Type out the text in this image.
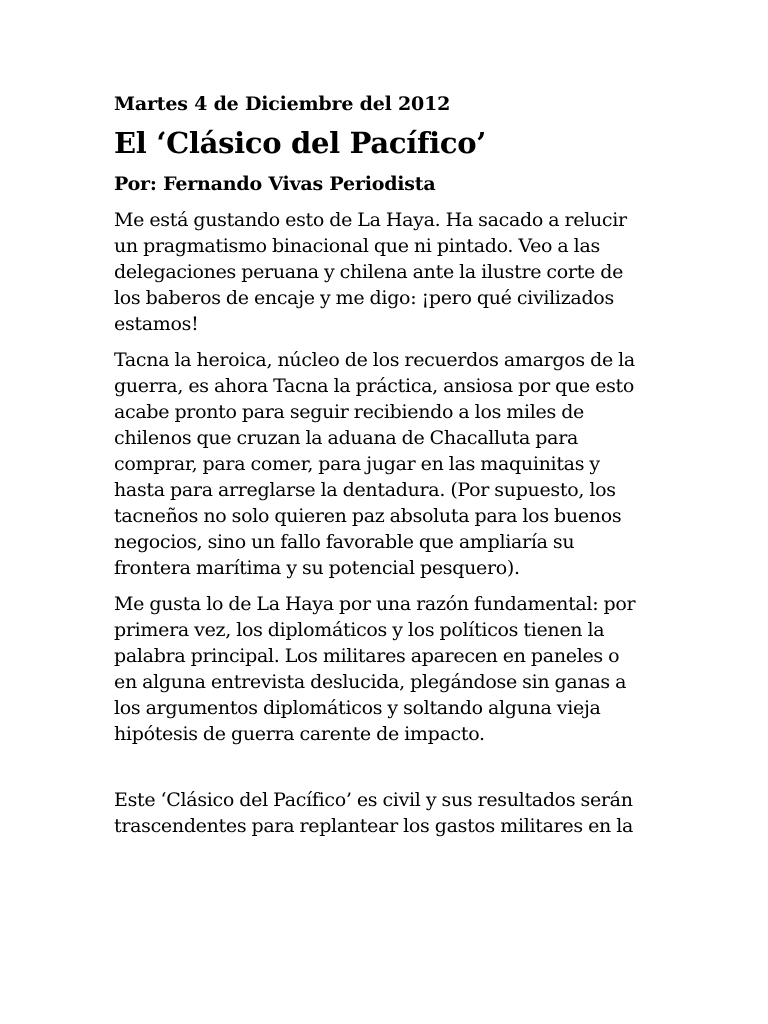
Martes 4 de Diciembre del 2012
El ‘Clásico del Pacífico’
Por: Fernando Vivas Periodista

Me está gustando esto de La Haya. Ha sacado a relucir
un pragmatismo binacional que ni pintado. Veo a las
delegaciones peruana y chilena ante la ilustre corte de
los baberos de encaje y me digo: ¡pero qué civilizados
estamos!

Tacna la heroica, núcleo de los recuerdos amargos de la
guerra, es ahora Tacna la práctica, ansiosa por que esto
acabe pronto para seguir recibiendo a los miles de
chilenos que cruzan la aduana de Chacalluta para
comprar, para comer, para jugar en las maquinitas y
hasta para arreglarse la dentadura. (Por supuesto, los
tacneños no solo quieren paz absoluta para los buenos
negocios, sino un fallo favorable que ampliaría su
frontera marítima y su potencial pesquero).

Me gusta lo de La Haya por una razón fundamental: por
primera vez, los diplomáticos y los políticos tienen la
palabra principal. Los militares aparecen en paneles o
en alguna entrevista deslucida, plegándose sin ganas a
los argumentos diplomáticos y soltando alguna vieja
hipótesis de guerra carente de impacto.

Este ‘Clásico del Pacífico’ es civil y sus resultados serán
trascendentes para replantear los gastos militares en la
